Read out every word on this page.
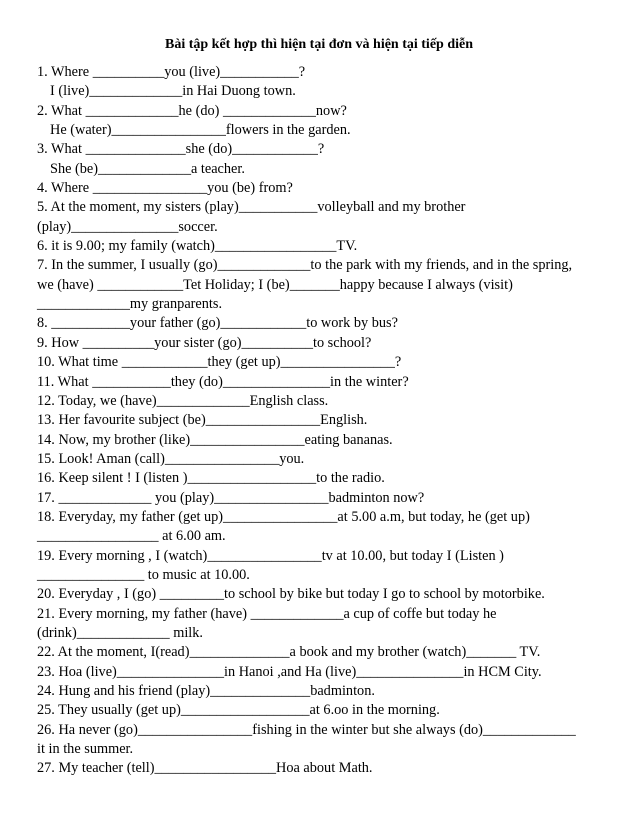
Bài tập kết hợp thì hiện tại đơn và hiện tại tiếp diễn
1. Where __________you (live)___________?
I (live)_____________in Hai Duong town.
2. What _____________he (do) _____________now?
He (water)________________flowers in the garden.
3. What ______________she (do)____________?
She (be)_____________a teacher.
4. Where ________________you (be) from?
5. At the moment, my sisters (play)___________volleyball and my brother
(play)_______________soccer.
6. it is 9.00; my family (watch)_________________TV.
7. In the summer, I usually (go)_____________to the park with my friends, and in the spring,
we (have) ____________Tet Holiday; I (be)_______happy because I always (visit)
_____________my granparents.
8. ___________your father (go)____________to work by bus?
9. How __________your sister (go)__________to school?
10. What time ____________they (get up)________________?
11. What ___________they (do)_______________in the winter?
12. Today, we (have)_____________English class.
13. Her favourite subject (be)________________English.
14. Now, my brother (like)________________eating bananas.
15. Look! Aman (call)________________you.
16. Keep silent ! I (listen )__________________to the radio.
17. _____________ you (play)________________badminton now?
18. Everyday, my father (get up)________________at 5.00 a.m, but today, he (get up)
_________________ at 6.00 am.
19. Every morning , I (watch)________________tv at 10.00, but today I (Listen )
_______________ to music at 10.00.
20. Everyday , I (go) _________to school by bike but today I go to school by motorbike.
21. Every morning, my father (have) _____________a cup of coffe but today he
(drink)_____________ milk.
22. At the moment, I(read)______________a book and my brother (watch)_______ TV.
23. Hoa (live)_______________in Hanoi ,and Ha (live)_______________in HCM City.
24. Hung and his friend (play)______________badminton.
25. They usually (get up)__________________at 6.oo in the morning.
26. Ha never (go)________________fishing in the winter but she always (do)_____________
it in the summer.
27. My teacher (tell)_________________Hoa about Math.
